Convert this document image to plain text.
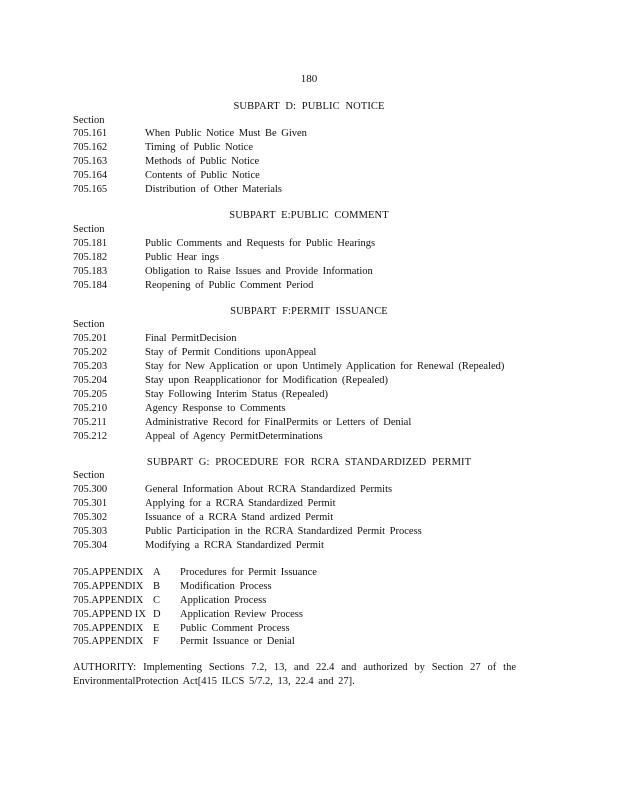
180
SUBPART D: PUBLIC NOTICE
Section
705.161	When Public Notice Must Be Given
705.162	Timing of Public Notice
705.163	Methods of Public Notice
705.164	Contents of Public Notice
705.165	Distribution of Other Materials
SUBPART E:PUBLIC COMMENT
Section
705.181	Public Comments and Requests for Public Hearings
705.182	Public Hear ings
705.183	Obligation to Raise Issues and Provide Information
705.184	Reopening of Public Comment Period
SUBPART F:PERMIT ISSUANCE
Section
705.201	Final PermitDecision
705.202	Stay of Permit Conditions uponAppeal
705.203	Stay for New Application or upon Untimely Application for Renewal (Repealed)
705.204	Stay upon Reapplicationor for Modification (Repealed)
705.205	Stay Following Interim Status (Repealed)
705.210	Agency Response to Comments
705.211	Administrative Record for FinalPermits or Letters of Denial
705.212	Appeal of Agency PermitDeterminations
SUBPART G: PROCEDURE FOR RCRA STANDARDIZED PERMIT
Section
705.300	General Information About RCRA Standardized Permits
705.301	Applying for a RCRA Standardized Permit
705.302	Issuance of a RCRA Stand ardized Permit
705.303	Public Participation in the RCRA Standardized Permit Process
705.304	Modifying a RCRA Standardized Permit
705.APPENDIX A Procedures for Permit Issuance
705.APPENDIX B Modification Process
705.APPENDIX C Application Process
705.APPEND IX D Application Review Process
705.APPENDIX E Public Comment Process
705.APPENDIX F Permit Issuance or Denial
AUTHORITY: Implementing Sections 7.2, 13, and 22.4 and authorized by Section 27 of the
EnvironmentalProtection Act[415 ILCS 5/7.2, 13, 22.4 and 27].
